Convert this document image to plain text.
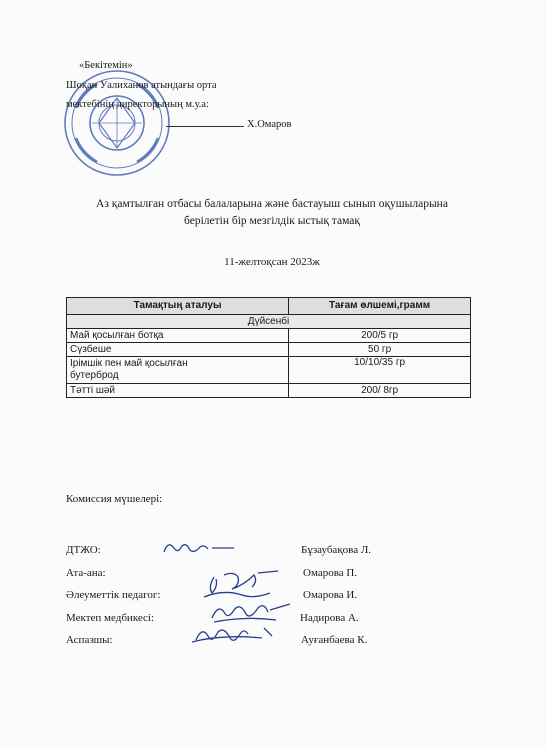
«Бекітемін»
Шоқан Уалиханов атындағы орта
мектебінің директорының м.у.а:
Х.Омаров
Аз қамтылған отбасы балаларына және бастауыш сынып оқушыларына
берілетін бір мезгілдік ыстық тамақ
11-желтоқсан 2023ж
Тамақтың аталуы	Тағам өлшемі,грамм
Дүйсенбі	
Май қосылған ботқа	200/5 гр
Сүзбеше	50 гр

Ірімшік пен май қосылған
бутерброд	10/10/35 гр
Тәтті шәй	200/ 8гр
Комиссия мүшелері:
ДТЖО:	Бұзаубақова Л.
Ата-ана:	Омарова П.
Әлеуметтік педагог:	Омарова И.
Мектеп медбикесі:	Надирова А.
Аспазшы:	Ауғанбаева К.
